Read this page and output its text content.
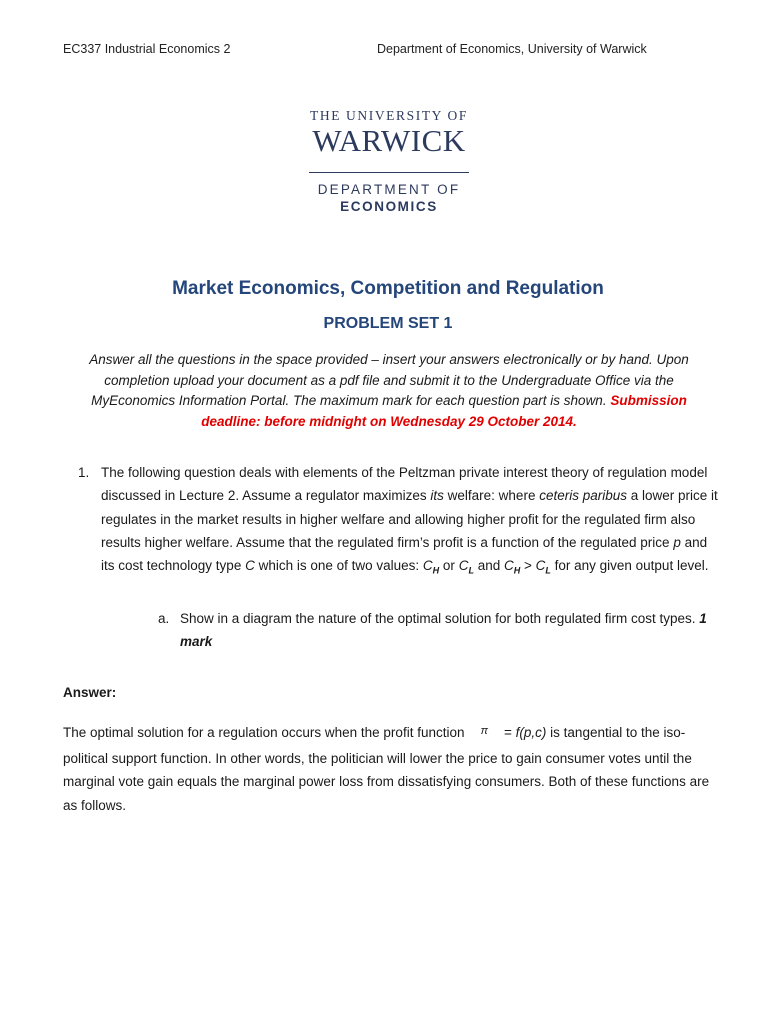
EC337 Industrial Economics 2	Department of Economics, University of Warwick
THE UNIVERSITY OF
WARWICK
DEPARTMENT OF
ECONOMICS
Market Economics, Competition and Regulation
PROBLEM SET 1
Answer all the questions in the space provided – insert your answers electronically or by hand. Upon completion upload your document as a pdf file and submit it to the Undergraduate Office via the MyEconomics Information Portal. The maximum mark for each question part is shown. Submission deadline: before midnight on Wednesday 29 October 2014.
1. The following question deals with elements of the Peltzman private interest theory of regulation model discussed in Lecture 2. Assume a regulator maximizes its welfare: where ceteris paribus a lower price it regulates in the market results in higher welfare and allowing higher profit for the regulated firm also results higher welfare. Assume that the regulated firm’s profit is a function of the regulated price p and its cost technology type C which is one of two values: $C_H$ or $C_L$ and $C_H > C_L$ for any given output level.
a. Show in a diagram the nature of the optimal solution for both regulated firm cost types. 1 mark
Answer:
The optimal solution for a regulation occurs when the profit function π = f(p,c) is tangential to the iso-political support function. In other words, the politician will lower the price to gain consumer votes until the marginal vote gain equals the marginal power loss from dissatisfying consumers. Both of these functions are as follows.
